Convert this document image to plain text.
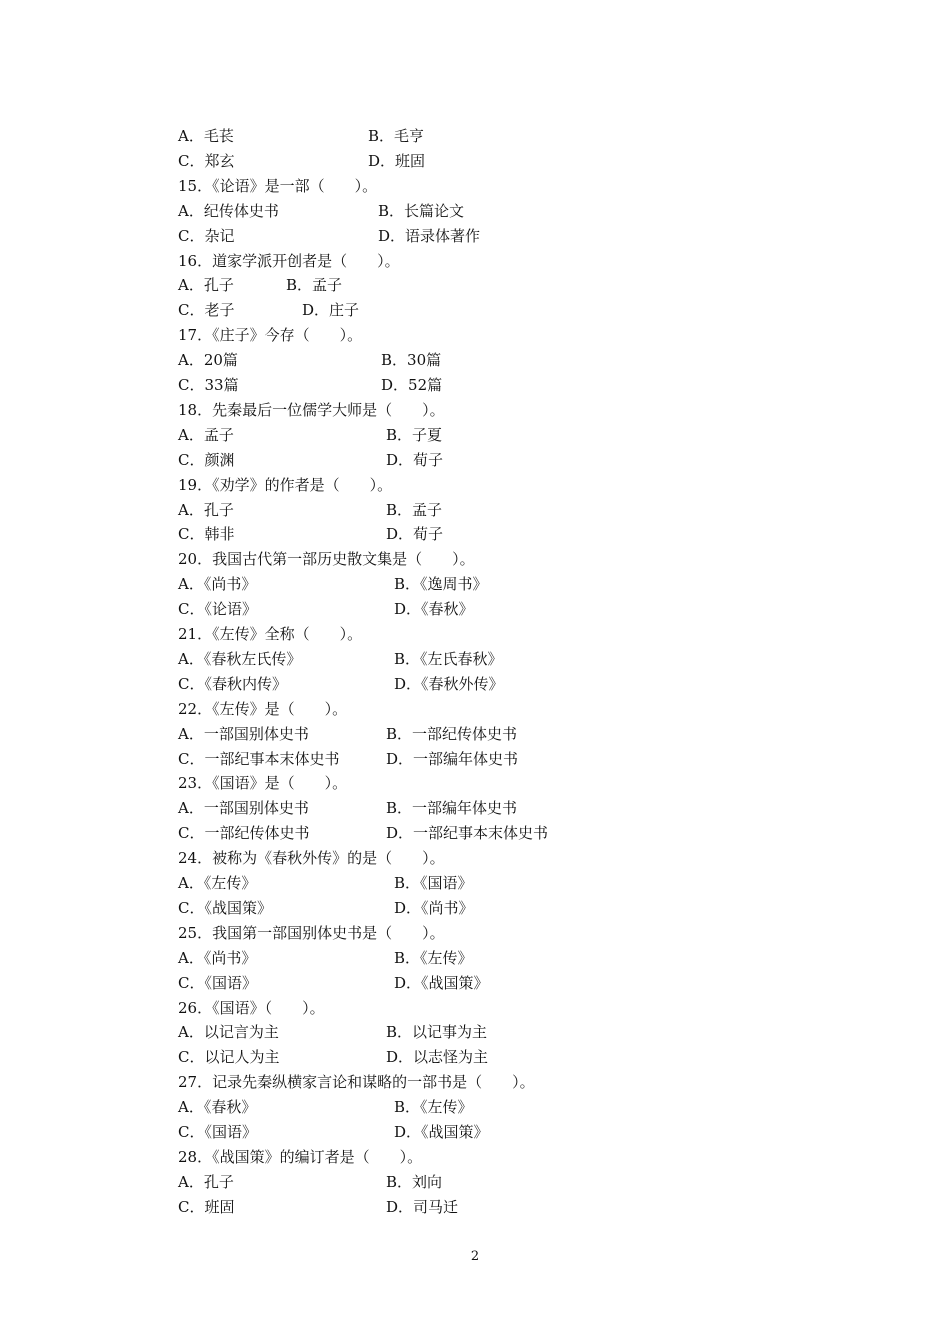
A．毛苌	B．毛亨
C．郑玄	D．班固
15．《论语》是一部（　　）。
A．纪传体史书	B．长篇论文
C．杂记	D．语录体著作
16．道家学派开创者是（　　）。
A．孔子	B．孟子
C．老子	D．庄子
17．《庄子》今存（　　）。
A．20篇	B．30篇
C．33篇	D．52篇
18．先秦最后一位儒学大师是（　　）。
A．孟子	B．子夏
C．颜渊	D．荀子
19．《劝学》的作者是（　　）。
A．孔子	B．孟子
C．韩非	D．荀子
20．我国古代第一部历史散文集是（　　）。
A．《尚书》	B．《逸周书》
C．《论语》	D．《春秋》
21．《左传》全称（　　）。
A．《春秋左氏传》	B．《左氏春秋》
C．《春秋内传》	D．《春秋外传》
22．《左传》是（　　）。
A．一部国别体史书	B．一部纪传体史书
C．一部纪事本末体史书	D．一部编年体史书
23．《国语》是（　　）。
A．一部国别体史书	B．一部编年体史书
C．一部纪传体史书	D．一部纪事本末体史书
24．被称为《春秋外传》的是（　　）。
A．《左传》	B．《国语》
C．《战国策》	D．《尚书》
25．我国第一部国别体史书是（　　）。
A．《尚书》	B．《左传》
C．《国语》	D．《战国策》
26．《国语》（　　）。
A．以记言为主	B．以记事为主
C．以记人为主	D．以志怪为主
27．记录先秦纵横家言论和谋略的一部书是（　　）。
A．《春秋》	B．《左传》
C．《国语》	D．《战国策》
28．《战国策》的编订者是（　　）。
A．孔子	B．刘向
C．班固	D．司马迁
2
